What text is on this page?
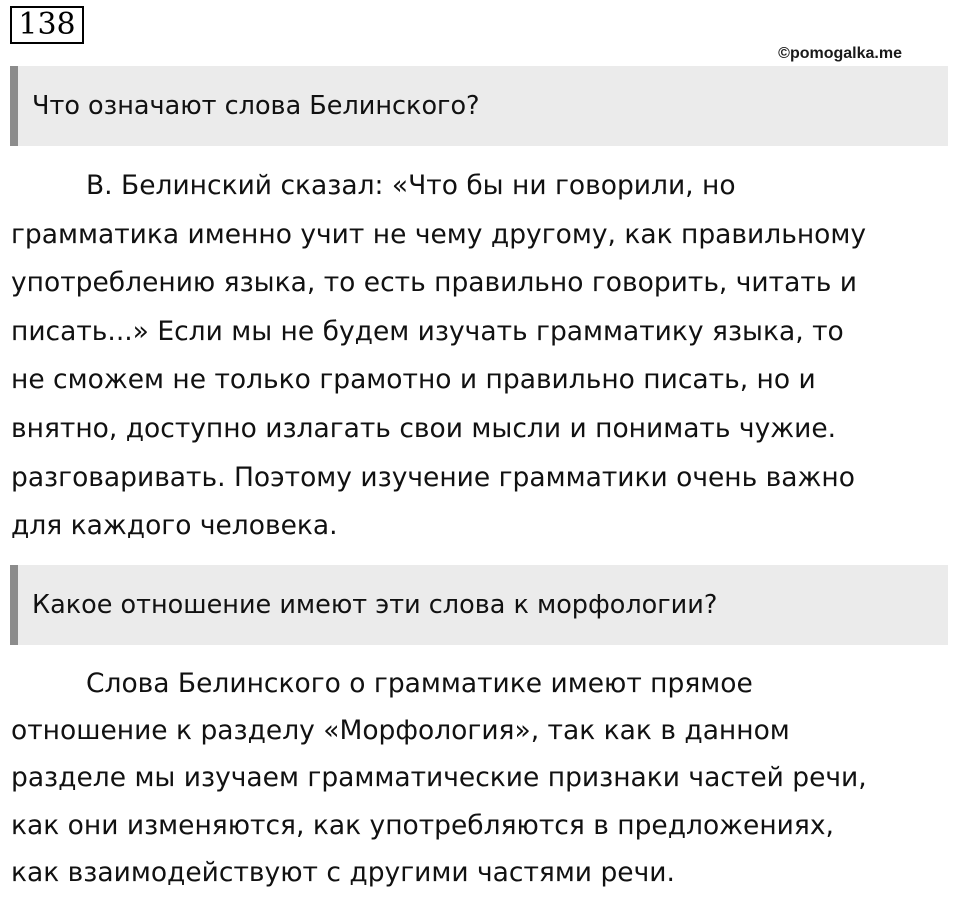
138
©pomogalka.me
Что означают слова Белинского?

В. Белинский сказал: «Что бы ни говорили, но
грамматика именно учит не чему другому, как правильному
употреблению языка, то есть правильно говорить, читать и
писать...» Если мы не будем изучать грамматику языка, то
не сможем не только грамотно и правильно писать, но и
внятно, доступно излагать свои мысли и понимать чужие.
разговаривать. Поэтому изучение грамматики очень важно
для каждого человека.

Какое отношение имеют эти слова к морфологии?

Слова Белинского о грамматике имеют прямое
отношение к разделу «Морфология», так как в данном
разделе мы изучаем грамматические признаки частей речи,
как они изменяются, как употребляются в предложениях,
как взаимодействуют с другими частями речи.
